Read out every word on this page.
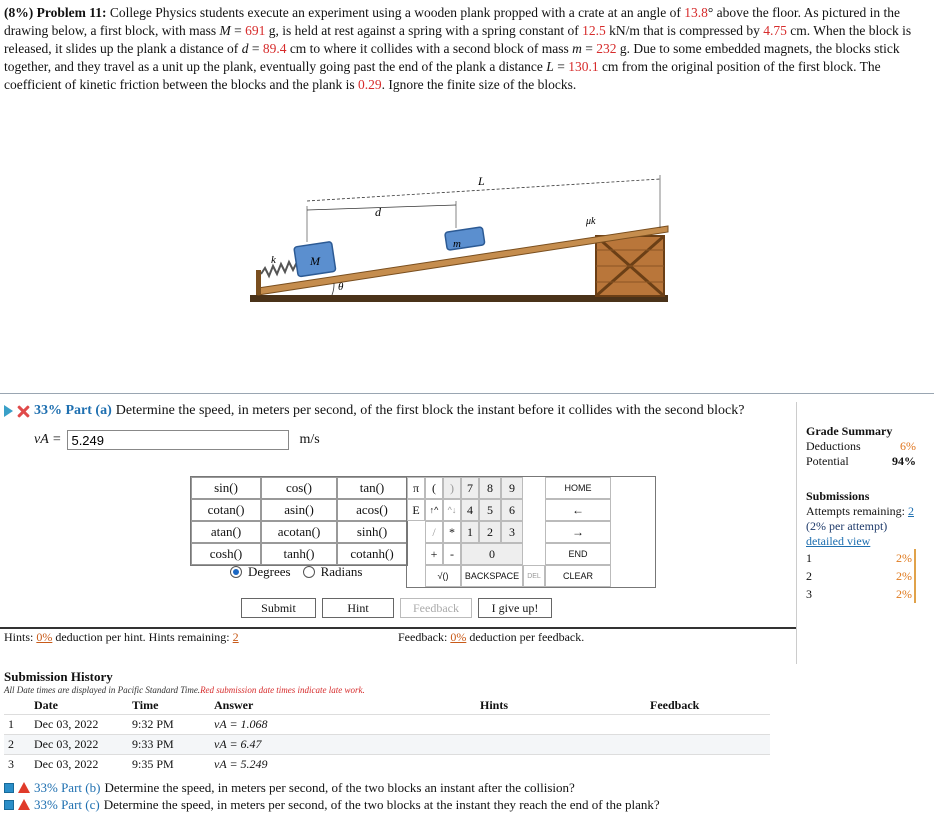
(8%) Problem 11: College Physics students execute an experiment using a wooden plank propped with a crate at an angle of 13.8° above the floor. As pictured in the drawing below, a first block, with mass M = 691 g, is held at rest against a spring with a spring constant of 12.5 kN/m that is compressed by 4.75 cm. When the block is released, it slides up the plank a distance of d = 89.4 cm to where it collides with a second block of mass m = 232 g. Due to some embedded magnets, the blocks stick together, and they travel as a unit up the plank, eventually going past the end of the plank a distance L = 130.1 cm from the original position of the first block. The coefficient of kinetic friction between the blocks and the plank is 0.29. Ignore the finite size of the blocks.
d
L
k	M
m
μk
θ
33% Part (a) Determine the speed, in meters per second, of the first block the instant before it collides with the second block?
vA =
5.249	m/s
sin()	cos()	tan()
cotan()	asin()	acos()
atan()	acotan()	sinh()
cosh()	tanh()	cotanh()
Degrees Radians
π	(	)	7	8	9	HOME
E	↑^	^↓ 4	5	6	←
/	*	1	2	3	→
+	-	0	END
√()	BACKSPACE	DEL	CLEAR
Submit	Hint	Feedback	I give up!
Hints: 0% deduction per hint. Hints remaining: 2	Feedback: 0% deduction per feedback.
Grade Summary
Deductions	6%
Potential	94%
Submissions
Attempts remaining: 2
(2% per attempt)
detailed view
1	2%
2	2%
3	2%
Submission History
All Date times are displayed in Pacific Standard Time.Red submission date times indicate late work.
	Date	Time	Answer	Hints	Feedback
1	Dec 03, 2022	9:32 PM	vA = 1.068		
2	Dec 03, 2022	9:33 PM	vA = 6.47		
3	Dec 03, 2022	9:35 PM	vA = 5.249		
33% Part (b) Determine the speed, in meters per second, of the two blocks an instant after the collision?
33% Part (c) Determine the speed, in meters per second, of the two blocks at the instant they reach the end of the plank?
